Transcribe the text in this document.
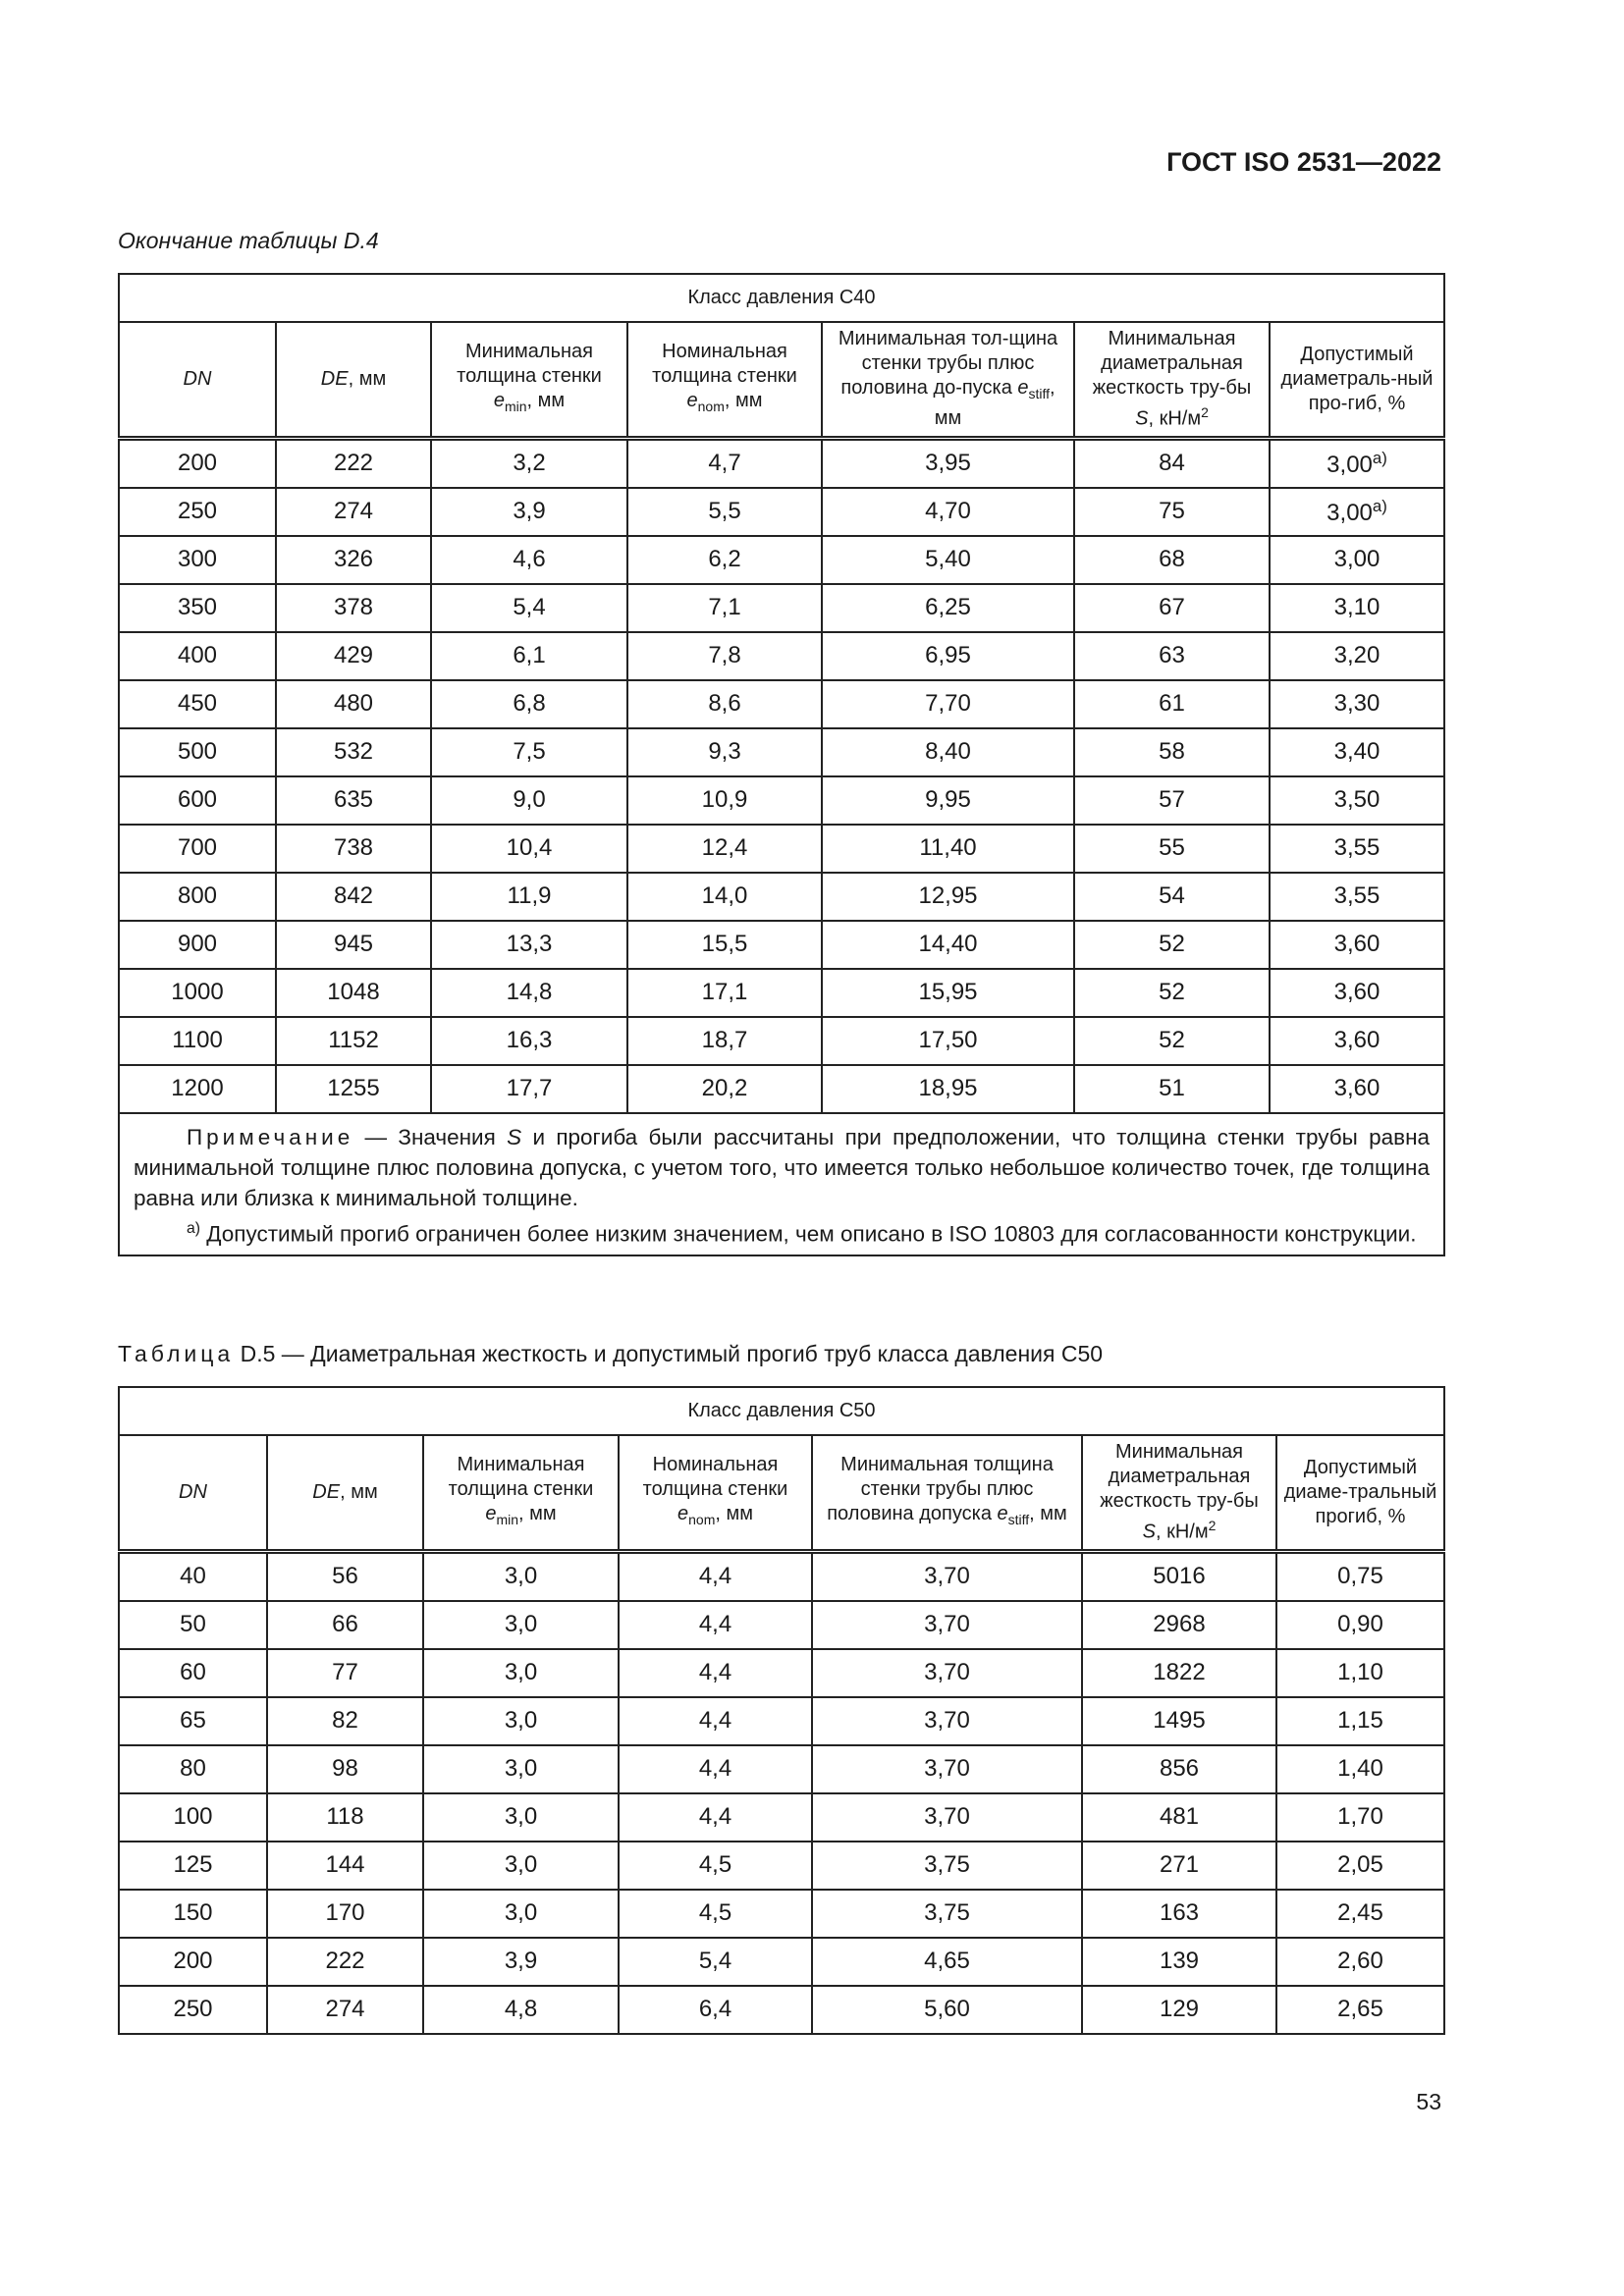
ГОСТ ISO 2531—2022
Окончание таблицы D.4
Класс давления С40						
DN	DE, мм	Минимальная толщина стенки $e_{min}$, мм	Номинальная толщина стенки $e_{nom}$, мм	Минимальная тол-щина стенки трубы плюс половина до-пуска $e_{stiff}$, мм	Минимальная диаметральная жесткость тру-бы S, $кН/м^2$	Допустимый диаметраль-ный про-гиб, %
200	222	3,2	4,7	3,95	84	3,00$^{a)}$
250	274	3,9	5,5	4,70	75	3,00$^{a)}$
300	326	4,6	6,2	5,40	68	3,00
350	378	5,4	7,1	6,25	67	3,10
400	429	6,1	7,8	6,95	63	3,20
450	480	6,8	8,6	7,70	61	3,30
500	532	7,5	9,3	8,40	58	3,40
600	635	9,0	10,9	9,95	57	3,50
700	738	10,4	12,4	11,40	55	3,55
800	842	11,9	14,0	12,95	54	3,55
900	945	13,3	15,5	14,40	52	3,60
1000	1048	14,8	17,1	15,95	52	3,60
1100	1152	16,3	18,7	17,50	52	3,60
1200	1255	17,7	20,2	18,95	51	3,60

Примечание — Значения S и прогиба были рассчитаны при предположении, что толщина стенки трубы равна минимальной толщине плюс половина допуска, с учетом того, что имеется только небольшое количество точек, где толщина равна или близка к минимальной толщине.
$^{a)}$ Допустимый прогиб ограничен более низким значением, чем описано в ISO 10803 для согласованности конструкции.						
Таблица D.5 — Диаметральная жесткость и допустимый прогиб труб класса давления С50
Класс давления С50						
DN	DE, мм	Минимальная толщина стенки $e_{min}$, мм	Номинальная толщина стенки $e_{nom}$, мм	Минимальная толщина стенки трубы плюс половина допуска $e_{stiff}$, мм	Минимальная диаметральная жесткость тру-бы S, $кН/м^2$	Допустимый диаме-тральный прогиб, %
40	56	3,0	4,4	3,70	5016	0,75
50	66	3,0	4,4	3,70	2968	0,90
60	77	3,0	4,4	3,70	1822	1,10
65	82	3,0	4,4	3,70	1495	1,15
80	98	3,0	4,4	3,70	856	1,40
100	118	3,0	4,4	3,70	481	1,70
125	144	3,0	4,5	3,75	271	2,05
150	170	3,0	4,5	3,75	163	2,45
200	222	3,9	5,4	4,65	139	2,60
250	274	4,8	6,4	5,60	129	2,65
53
